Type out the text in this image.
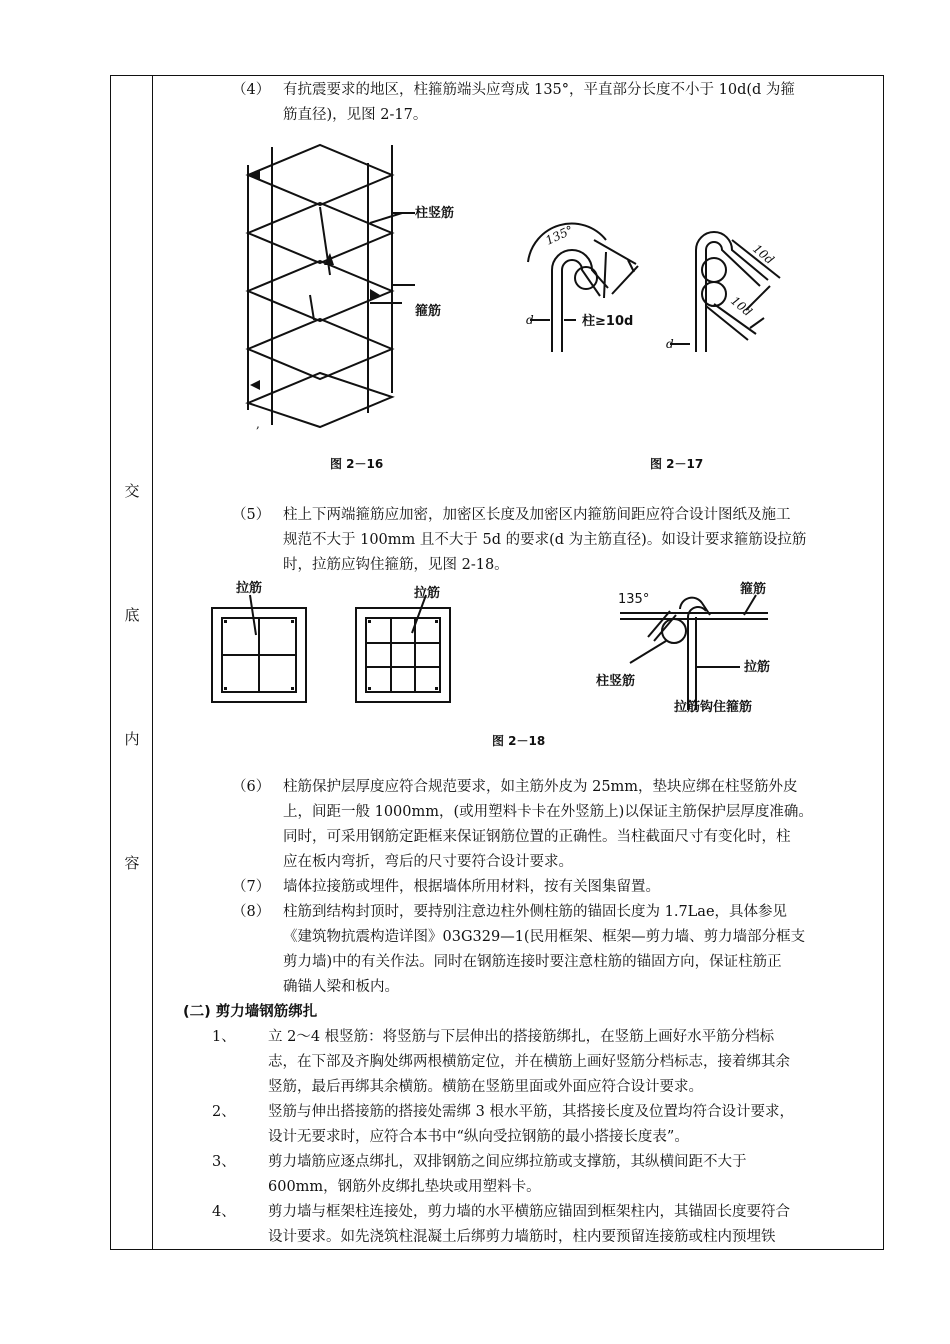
交
底
内
容
（4） 有抗震要求的地区，柱箍筋端头应弯成 135°，平直部分长度不小于 10d(d 为箍
筋直径)，见图 2-17。
柱竖筋
箍筋
,
图 2－16
135°
d	柱≥10d
10d
10d
d
图 2－17
（5） 柱上下两端箍筋应加密，加密区长度及加密区内箍筋间距应符合设计图纸及施工
规范不大于 100mm 且不大于 5d 的要求(d 为主筋直径)。如设计要求箍筋设拉筋
时，拉筋应钩住箍筋，见图 2-18。
拉筋	拉筋	135°
箍筋
柱竖筋
拉筋
拉筋钩住箍筋
图 2－18
（6） 柱筋保护层厚度应符合规范要求，如主筋外皮为 25mm，垫块应绑在柱竖筋外皮
上，间距一般 1000mm，(或用塑料卡卡在外竖筋上)以保证主筋保护层厚度准确。
同时，可采用钢筋定距框来保证钢筋位置的正确性。当柱截面尺寸有变化时，柱
应在板内弯折，弯后的尺寸要符合设计要求。
（7） 墙体拉接筋或埋件，根据墙体所用材料，按有关图集留置。
（8） 柱筋到结构封顶时，要持别注意边柱外侧柱筋的锚固长度为 1.7Lae，具体参见
《建筑物抗震构造详图》03G329—1(民用框架、框架—剪力墙、剪力墙部分框支
剪力墙)中的有关作法。同时在钢筋连接时要注意柱筋的锚固方向，保证柱筋正
确锚人梁和板内。
(二) 剪力墙钢筋绑扎
1、 立 2～4 根竖筋：将竖筋与下层伸出的搭接筋绑扎，在竖筋上画好水平筋分档标
志，在下部及齐胸处绑两根横筋定位，并在横筋上画好竖筋分档标志，接着绑其余
竖筋，最后再绑其余横筋。横筋在竖筋里面或外面应符合设计要求。
2、 竖筋与伸出搭接筋的搭接处需绑 3 根水平筋，其搭接长度及位置均符合设计要求，
设计无要求时，应符合本书中“纵向受拉钢筋的最小搭接长度表”。
3、 剪力墙筋应逐点绑扎，双排钢筋之间应绑拉筋或支撑筋，其纵横间距不大于
600mm，钢筋外皮绑扎垫块或用塑料卡。
4、 剪力墙与框架柱连接处，剪力墙的水平横筋应锚固到框架柱内，其锚固长度要符合
设计要求。如先浇筑柱混凝土后绑剪力墙筋时，柱内要预留连接筋或柱内预埋铁
